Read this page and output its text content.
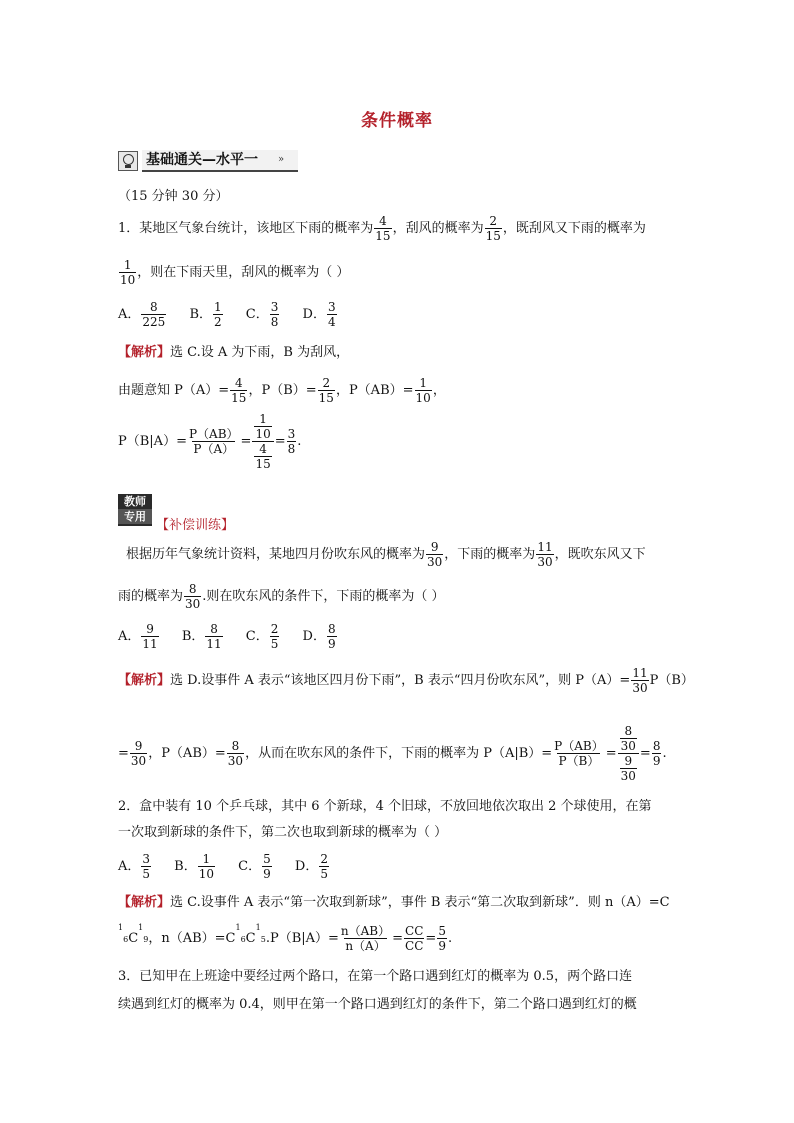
条件概率
基础通关—水平一	»
（15 分钟 30 分）
1．某地区气象台统计，该地区下雨的概率为 $\frac{4}{15}$ ，刮风的概率为 $\frac{2}{15}$ ，既刮风又下雨的概率为
$\frac{1}{10}$ ，则在下雨天里，刮风的概率为（ ）
A． $\frac{8}{225}$ B． $\frac{1}{2}$ C． $\frac{3}{8}$ D． $\frac{3}{4}$
【解析】选 C.设 A 为下雨，B 为刮风，
由题意知 $P(A)= \frac{4}{15}$ ，$P(B)= \frac{2}{15}$ ，$P(AB)= \frac{1}{10}$ ，
$P(B|A)= \frac{P(AB)}{P(A)} = \frac{\frac{1}{10}}{\frac{4}{15}} = \frac{3}{8}$ .
教师
专用
【补偿训练】
根据历年气象统计资料，某地四月份吹东风的概率为 $\frac{9}{30}$ ，下雨的概率为 $\frac{11}{30}$ ，既吹东风又下
雨的概率为 $\frac{8}{30}$ .则在吹东风的条件下，下雨的概率为（ ）
A． $\frac{9}{11}$ B． $\frac{8}{11}$ C． $\frac{2}{5}$ D． $\frac{8}{9}$
【解析】选 D.设事件 A 表示“该地区四月份下雨”，B 表示“四月份吹东风”，则 $P(A)= \frac{11}{30} P(B)$
= $\frac{9}{30}$ ，$P(AB)= \frac{8}{30}$ ，从而在吹东风的条件下，下雨的概率为 $P(A|B)= \frac{P(AB)}{P(B)} = \frac{\frac{8}{30}}{\frac{9}{30}} = \frac{8}{9}$ .
2．盒中装有 10 个乒乓球，其中 6 个新球，4 个旧球，不放回地依次取出 2 个球使用，在第
一次取到新球的条件下，第二次也取到新球的概率为（ ）
A． $\frac{3}{5}$ B． $\frac{1}{10}$ C． $\frac{5}{9}$ D． $\frac{2}{5}$
【解析】选 C.设事件 A 表示“第一次取到新球”，事件 B 表示“第二次取到新球”．则 n（A）=C
$^16C^19$，$n(AB)=C^16C^15.P(B|A)= \frac{n(AB)}{n(A)} = \frac{CC}{CC} = \frac{5}{9}$ .
3．已知甲在上班途中要经过两个路口，在第一个路口遇到红灯的概率为 0.5，两个路口连
续遇到红灯的概率为 0.4，则甲在第一个路口遇到红灯的条件下，第二个路口遇到红灯的概
